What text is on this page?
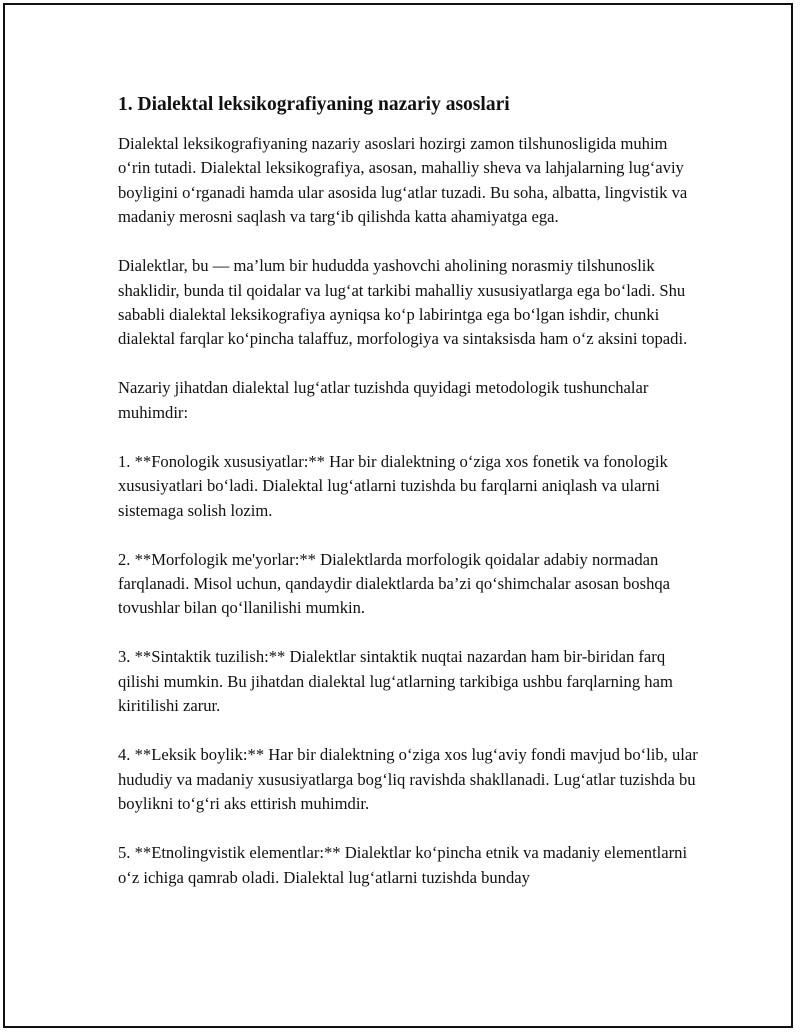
1. Dialektal leksikografiyaning nazariy asoslari

Dialektal leksikografiyaning nazariy asoslari hozirgi zamon tilshunosligida muhim o‘rin tutadi. Dialektal leksikografiya, asosan, mahalliy sheva va lahjalarning lug‘aviy boyligini o‘rganadi hamda ular asosida lug‘atlar tuzadi. Bu soha, albatta, lingvistik va madaniy merosni saqlash va targ‘ib qilishda katta ahamiyatga ega.

Dialektlar, bu — ma’lum bir hududda yashovchi aholining norasmiy tilshunoslik shaklidir, bunda til qoidalar va lug‘at tarkibi mahalliy xususiyatlarga ega bo‘ladi. Shu sababli dialektal leksikografiya ayniqsa ko‘p labirintga ega bo‘lgan ishdir, chunki dialektal farqlar ko‘pincha talaffuz, morfologiya va sintaksisda ham o‘z aksini topadi.

Nazariy jihatdan dialektal lug‘atlar tuzishda quyidagi metodologik tushunchalar muhimdir:

1. **Fonologik xususiyatlar:** Har bir dialektning o‘ziga xos fonetik va fonologik xususiyatlari bo‘ladi. Dialektal lug‘atlarni tuzishda bu farqlarni aniqlash va ularni sistemaga solish lozim.

2. **Morfologik me'yorlar:** Dialektlarda morfologik qoidalar adabiy normadan farqlanadi. Misol uchun, qandaydir dialektlarda ba’zi qo‘shimchalar asosan boshqa tovushlar bilan qo‘llanilishi mumkin.

3. **Sintaktik tuzilish:** Dialektlar sintaktik nuqtai nazardan ham bir-biridan farq qilishi mumkin. Bu jihatdan dialektal lug‘atlarning tarkibiga ushbu farqlarning ham kiritilishi zarur.

4. **Leksik boylik:** Har bir dialektning o‘ziga xos lug‘aviy fondi mavjud bo‘lib, ular hududiy va madaniy xususiyatlarga bog‘liq ravishda shakllanadi. Lug‘atlar tuzishda bu boylikni to‘g‘ri aks ettirish muhimdir.

5. **Etnolingvistik elementlar:** Dialektlar ko‘pincha etnik va madaniy elementlarni o‘z ichiga qamrab oladi. Dialektal lug‘atlarni tuzishda bunday
